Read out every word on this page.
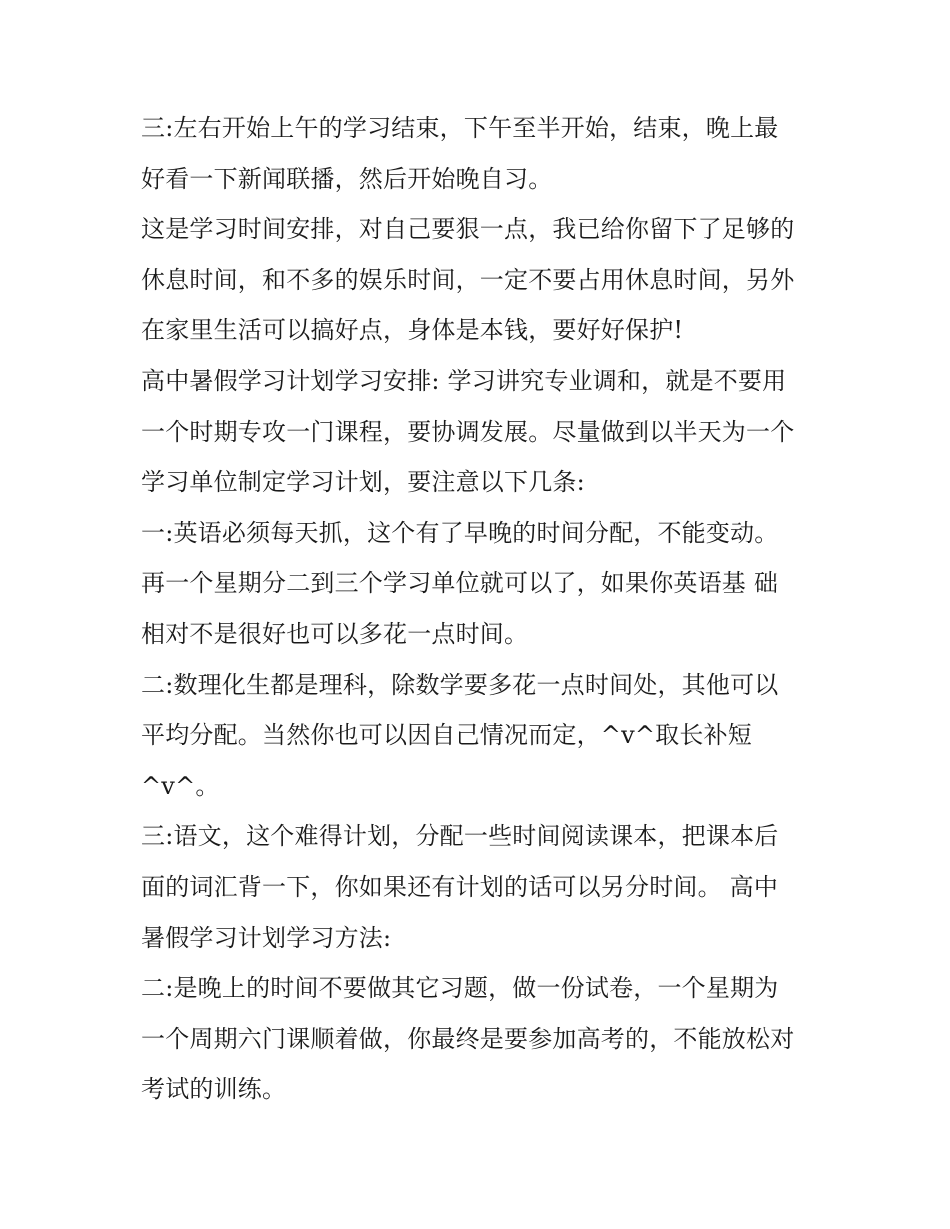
三:左右开始上午的学习结束，下午至半开始，结束，晚上最
好看一下新闻联播，然后开始晚自习。
这是学习时间安排，对自己要狠一点，我已给你留下了足够的
休息时间，和不多的娱乐时间，一定不要占用休息时间，另外
在家里生活可以搞好点，身体是本钱，要好好保护!
高中暑假学习计划学习安排: 学习讲究专业调和，就是不要用
一个时期专攻一门课程，要协调发展。尽量做到以半天为一个
学习单位制定学习计划，要注意以下几条:
一:英语必须每天抓，这个有了早晚的时间分配，不能变动。
再一个星期分二到三个学习单位就可以了，如果你英语基 础
相对不是很好也可以多花一点时间。
二:数理化生都是理科，除数学要多花一点时间处，其他可以
平均分配。当然你也可以因自己情况而定，^v^取长补短
^v^。
三:语文，这个难得计划，分配一些时间阅读课本，把课本后
面的词汇背一下，你如果还有计划的话可以另分时间。 高中
暑假学习计划学习方法:
二:是晚上的时间不要做其它习题，做一份试卷，一个星期为
一个周期六门课顺着做，你最终是要参加高考的，不能放松对
考试的训练。
